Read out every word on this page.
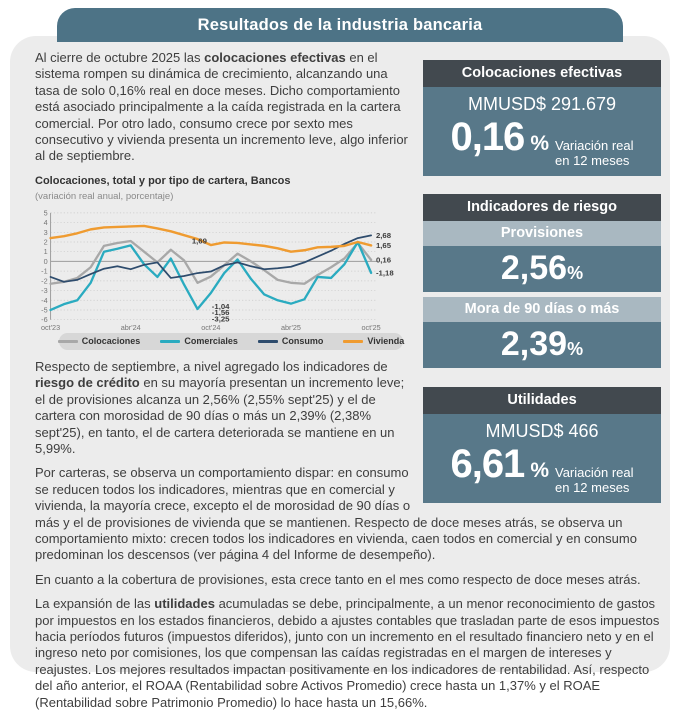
Resultados de la industria bancaria
Colocaciones efectivas
MMUSD$ 291.679
0,16 % Variación real
en 12 meses
Indicadores de riesgo
Provisiones
2,56%
Mora de 90 días o más
2,39%
Utilidades
MMUSD$ 466
6,61 % Variación real
en 12 meses

Al cierre de octubre 2025 las colocaciones efectivas en el sistema rompen su dinámica de crecimiento, alcanzando una tasa de solo 0,16% real en doce meses. Dicho comportamiento está asociado principalmente a la caída registrada en la cartera comercial. Por otro lado, consumo crece por sexto mes consecutivo y vivienda presenta un incremento leve, algo inferior al de septiembre.

Colocaciones, total y por tipo de cartera, Bancos
(variación real anual, porcentaje)
5
4
3
2
1
0
-1
-2
-3
-4
-5
-6
oct'23	abr'24	oct'24	abr'25	oct'25
1,69
-1,04
-1,56
-3,25
2,68
1,65
0,16
-1,18
Colocaciones	Comerciales	Consumo	Vivienda

Respecto de septiembre, a nivel agregado los indicadores de riesgo de crédito en su mayoría presentan un incremento leve; el de provisiones alcanza un 2,56% (2,55% sept'25) y el de cartera con morosidad de 90 días o más un 2,39% (2,38% sept'25), en tanto, el de cartera deteriorada se mantiene en un 5,99%.

Por carteras, se observa un comportamiento dispar: en consumo se reducen todos los indicadores, mientras que en comercial y vivienda, la mayoría crece, excepto el de morosidad de 90 días o más y el de provisiones de vivienda que se mantienen. Respecto de doce meses atrás, se observa un comportamiento mixto: crecen todos los indicadores en vivienda, caen todos en comercial y en consumo predominan los descensos (ver página 4 del Informe de desempeño).

En cuanto a la cobertura de provisiones, esta crece tanto en el mes como respecto de doce meses atrás.

La expansión de las utilidades acumuladas se debe, principalmente, a un menor reconocimiento de gastos por impuestos en los estados financieros, debido a ajustes contables que trasladan parte de esos impuestos hacia períodos futuros (impuestos diferidos), junto con un incremento en el resultado financiero neto y en el ingreso neto por comisiones, los que compensan las caídas registradas en el margen de intereses y reajustes. Los mejores resultados impactan positivamente en los indicadores de rentabilidad. Así, respecto del año anterior, el ROAA (Rentabilidad sobre Activos Promedio) crece hasta un 1,37% y el ROAE (Rentabilidad sobre Patrimonio Promedio) lo hace hasta un 15,66%.
